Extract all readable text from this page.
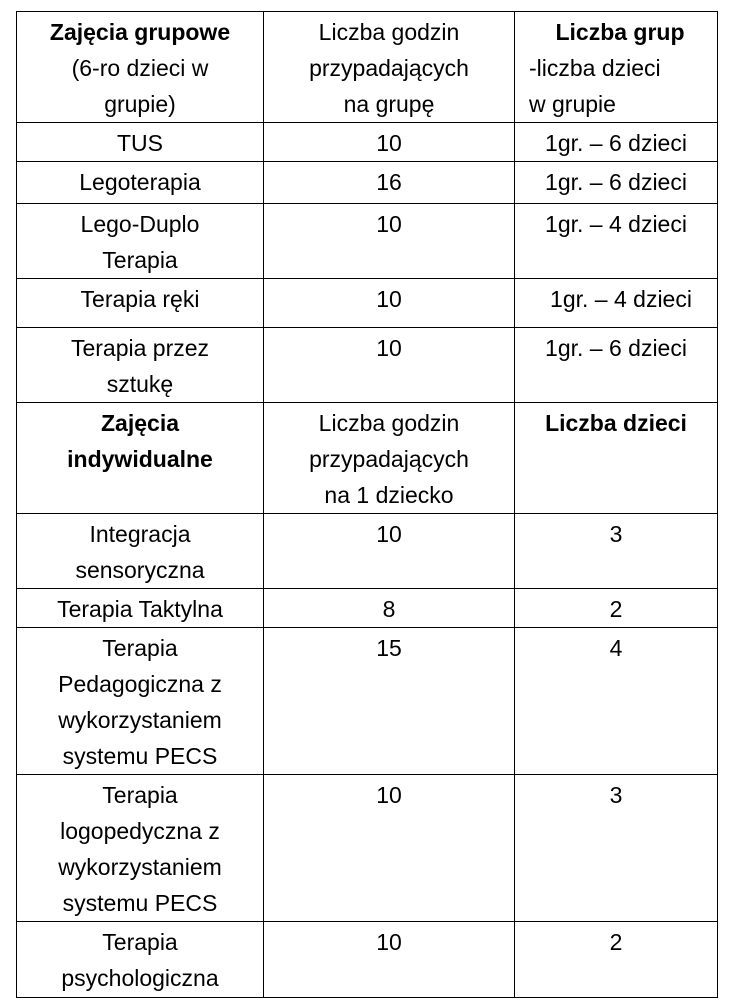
Zajęcia grupowe
(6-ro dzieci w
grupie)	Liczba godzin
przypadających
na grupę	Liczba grup
-liczba dzieci
w grupie

TUS	10	1gr. – 6 dzieci

Legoterapia	16	1gr. – 6 dzieci

Lego-Duplo
Terapia	10	1gr. – 4 dzieci

Terapia ręki	10	1gr. – 4 dzieci

Terapia przez
sztukę	10	1gr. – 6 dzieci

Zajęcia
indywidualne	Liczba godzin
przypadających
na 1 dziecko	Liczba dzieci

Integracja
sensoryczna	10	3

Terapia Taktylna	8	2

Terapia
Pedagogiczna z
wykorzystaniem
systemu PECS	15	4

Terapia
logopedyczna z
wykorzystaniem
systemu PECS	10	3

Terapia
psychologiczna	10	2
